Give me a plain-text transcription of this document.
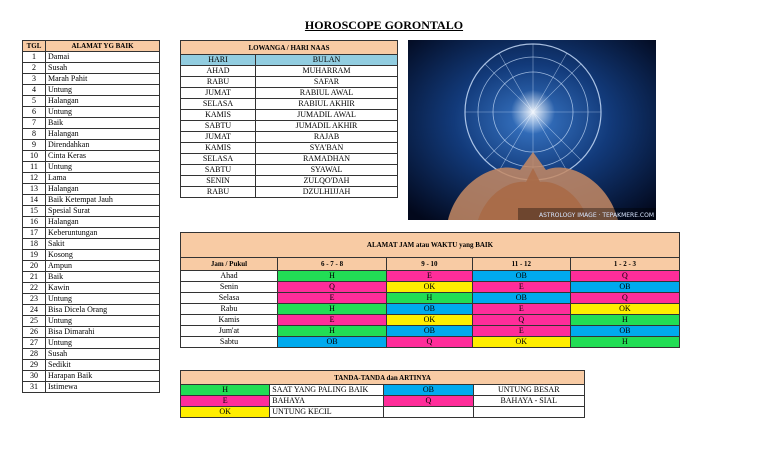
HOROSCOPE GORONTALO
TGL	ALAMAT YG BAIK
1	Damai
2	Susah
3	Marah Pahit
4	Untung
5	Halangan
6	Untung
7	Baik
8	Halangan
9	Direndahkan
10	Cinta Keras
11	Untung
12	Lama
13	Halangan
14	Baik Ketempat Jauh
15	Spesial Surat
16	Halangan
17	Keberuntungan
18	Sakit
19	Kosong
20	Ampun
21	Baik
22	Kawin
23	Untung
24	Bisa Dicela Orang
25	Untung
26	Bisa Dimarahi
27	Untung
28	Susah
29	Sedikit
30	Harapan Baik
31	Istimewa
LOWANGA / HARI NAAS	
HARI	BULAN
AHAD	MUHARRAM
RABU	SAFAR
JUMAT	RABIUL AWAL
SELASA	RABIUL AKHIR
KAMIS	JUMADIL AWAL
SABTU	JUMADIL AKHIR
JUMAT	RAJAB
KAMIS	SYA'BAN
SELASA	RAMADHAN
SABTU	SYAWAL
SENIN	ZULQO'DAH
RABU	DZULHIJJAH
ASTROLOGY IMAGE · TEPAKMERE.COM
ALAMAT JAM atau WAKTU yang BAIK				
Jam / Pukul	6 - 7 - 8	9 - 10	11 - 12	1 - 2 - 3
Ahad	H	E	OB	Q
Senin	Q	OK	E	OB
Selasa	E	H	OB	Q
Rabu	H	OB	E	OK
Kamis	E	OK	Q	H
Jum'at	H	OB	E	OB
Sabtu	OB	Q	OK	H
TANDA-TANDA dan ARTINYA			
H	SAAT YANG PALING BAIK	OB	UNTUNG BESAR
E	BAHAYA	Q	BAHAYA - SIAL
OK	UNTUNG KECIL		
